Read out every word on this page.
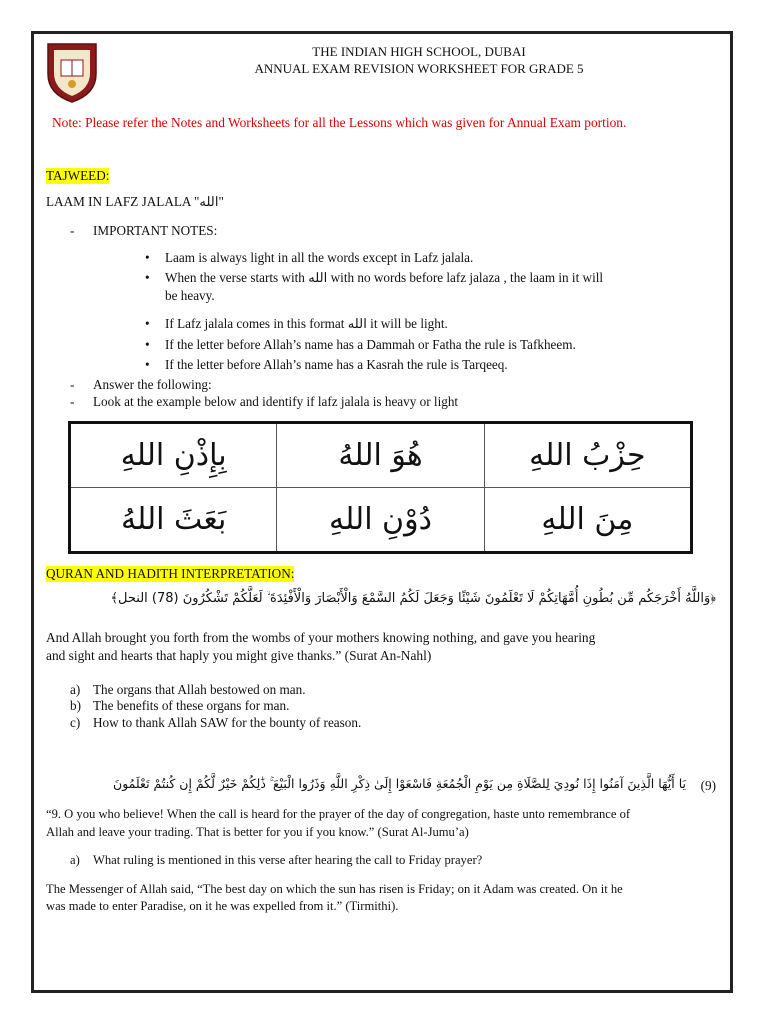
THE INDIAN HIGH SCHOOL, DUBAI
ANNUAL EXAM REVISION WORKSHEET FOR GRADE 5
Note: Please refer the Notes and Worksheets for all the Lessons which was given for Annual Exam portion.
TAJWEED:
LAAM IN LAFZ JALALA "الله"
- IMPORTANT NOTES:
• Laam is always light in all the words except in Lafz jalala.
• When the verse starts with الله with no words before lafz jalaza , the laam in it will
be heavy.
• If Lafz jalala comes in this format الله it will be light.
• If the letter before Allah’s name has a Dammah or Fatha the rule is Tafkheem.
• If the letter before Allah’s name has a Kasrah the rule is Tarqeeq.
- Answer the following:
- Look at the example below and identify if lafz jalala is heavy or light
بِإِذْنِ اللهِ	هُوَ اللهُ	حِزْبُ اللهِ
بَعَثَ اللهُ	دُوْنِ اللهِ	مِنَ اللهِ
QURAN AND HADITH INTERPRETATION:
﴿وَاللَّهُ أَخْرَجَكُم مِّن بُطُونِ أُمَّهَاتِكُمْ لَا تَعْلَمُونَ شَيْئًا وَجَعَلَ لَكُمُ السَّمْعَ وَالْأَبْصَارَ وَالْأَفْئِدَةَ ۙ لَعَلَّكُمْ تَشْكُرُونَ (78) النحل﴾
And Allah brought you forth from the wombs of your mothers knowing nothing, and gave you hearing
and sight and hearts that haply you might give thanks.” (Surat An-Nahl)
a) The organs that Allah bestowed on man.
b) The benefits of these organs for man.
c) How to thank Allah SAW for the bounty of reason.
(9)
يَا أَيُّهَا الَّذِينَ آمَنُوا إِذَا نُودِيَ لِلصَّلَاةِ مِن يَوْمِ الْجُمُعَةِ فَاسْعَوْا إِلَىٰ ذِكْرِ اللَّهِ وَذَرُوا الْبَيْعَ ۚ ذَٰلِكُمْ خَيْرٌ لَّكُمْ إِن كُنتُمْ تَعْلَمُونَ
“9. O you who believe! When the call is heard for the prayer of the day of congregation, haste unto remembrance of
Allah and leave your trading. That is better for you if you know.” (Surat Al-Jumu’a)
a) What ruling is mentioned in this verse after hearing the call to Friday prayer?
The Messenger of Allah said, “The best day on which the sun has risen is Friday; on it Adam was created. On it he
was made to enter Paradise, on it he was expelled from it.” (Tirmithi).
